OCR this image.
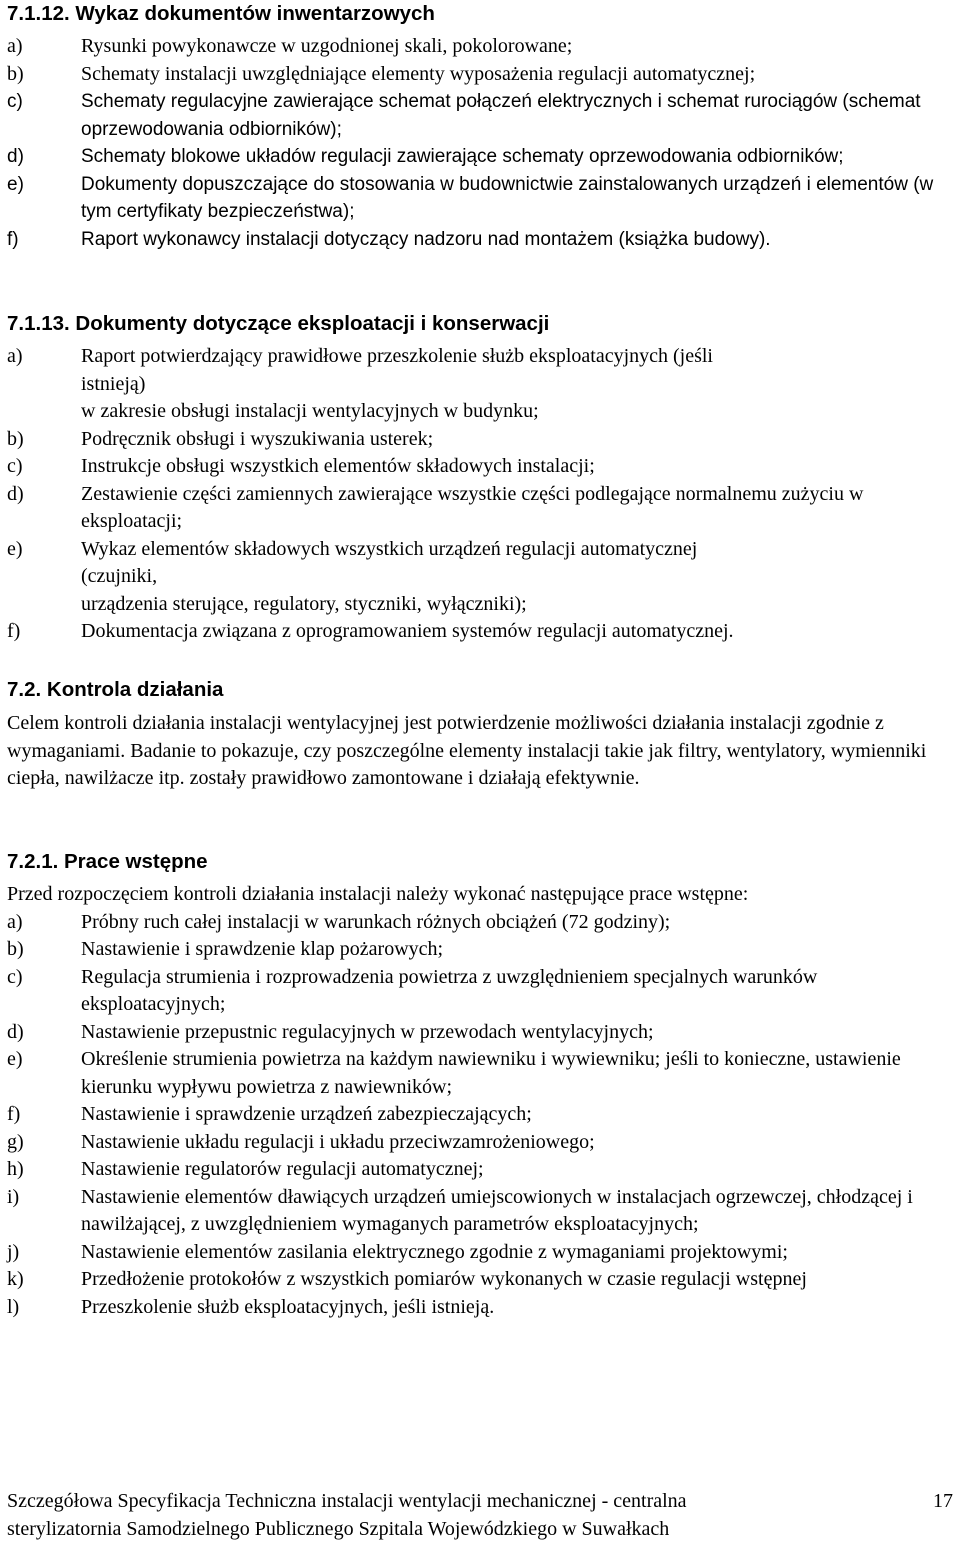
7.1.12. Wykaz dokumentów inwentarzowych
a)	Rysunki powykonawcze w uzgodnionej skali, pokolorowane;
b)	Schematy instalacji uwzględniające elementy wyposażenia regulacji automatycznej;
c)	Schematy regulacyjne zawierające schemat połączeń elektrycznych i schemat rurociągów (schemat oprzewodowania odbiorników);
d)	Schematy blokowe układów regulacji zawierające schematy oprzewodowania odbiorników;
e)	Dokumenty dopuszczające do stosowania w budownictwie zainstalowanych urządzeń i elementów (w tym certyfikaty bezpieczeństwa);
f)	Raport wykonawcy instalacji dotyczący nadzoru nad montażem (książka budowy).
7.1.13. Dokumenty dotyczące eksploatacji i konserwacji
a)	Raport potwierdzający prawidłowe przeszkolenie służb eksploatacyjnych (jeśli
istnieją)
w zakresie obsługi instalacji wentylacyjnych w budynku;
b)	Podręcznik obsługi i wyszukiwania usterek;
c)	Instrukcje obsługi wszystkich elementów składowych instalacji;
d)	Zestawienie części zamiennych zawierające wszystkie części podlegające normalnemu zużyciu w eksploatacji;
e)	Wykaz elementów składowych wszystkich urządzeń regulacji automatycznej
(czujniki,
urządzenia sterujące, regulatory, styczniki, wyłączniki);
f)	Dokumentacja związana z oprogramowaniem systemów regulacji automatycznej.
7.2. Kontrola działania

Celem kontroli działania instalacji wentylacyjnej jest potwierdzenie możliwości działania instalacji zgodnie z wymaganiami. Badanie to pokazuje, czy poszczególne elementy instalacji takie jak filtry, wentylatory, wymienniki ciepła, nawilżacze itp. zostały prawidłowo zamontowane i działają efektywnie.

7.2.1. Prace wstępne

Przed rozpoczęciem kontroli działania instalacji należy wykonać następujące prace wstępne:

a)	Próbny ruch całej instalacji w warunkach różnych obciążeń (72 godziny);
b)	Nastawienie i sprawdzenie klap pożarowych;
c)	Regulacja strumienia i rozprowadzenia powietrza z uwzględnieniem specjalnych warunków eksploatacyjnych;
d)	Nastawienie przepustnic regulacyjnych w przewodach wentylacyjnych;
e)	Określenie strumienia powietrza na każdym nawiewniku i wywiewniku; jeśli to konieczne, ustawienie kierunku wypływu powietrza z nawiewników;
f)	Nastawienie i sprawdzenie urządzeń zabezpieczających;
g)	Nastawienie układu regulacji i układu przeciwzamrożeniowego;
h)	Nastawienie regulatorów regulacji automatycznej;
i)	Nastawienie elementów dławiących urządzeń umiejscowionych w instalacjach ogrzewczej, chłodzącej i nawilżającej, z uwzględnieniem wymaganych parametrów eksploatacyjnych;
j)	Nastawienie elementów zasilania elektrycznego zgodnie z wymaganiami projektowymi;
k)	Przedłożenie protokołów z wszystkich pomiarów wykonanych w czasie regulacji wstępnej
l)	Przeszkolenie służb eksploatacyjnych, jeśli istnieją.
Szczegółowa Specyfikacja Techniczna instalacji wentylacji mechanicznej - centralna
sterylizatornia Samodzielnego Publicznego Szpitala Wojewódzkiego w Suwałkach
17
